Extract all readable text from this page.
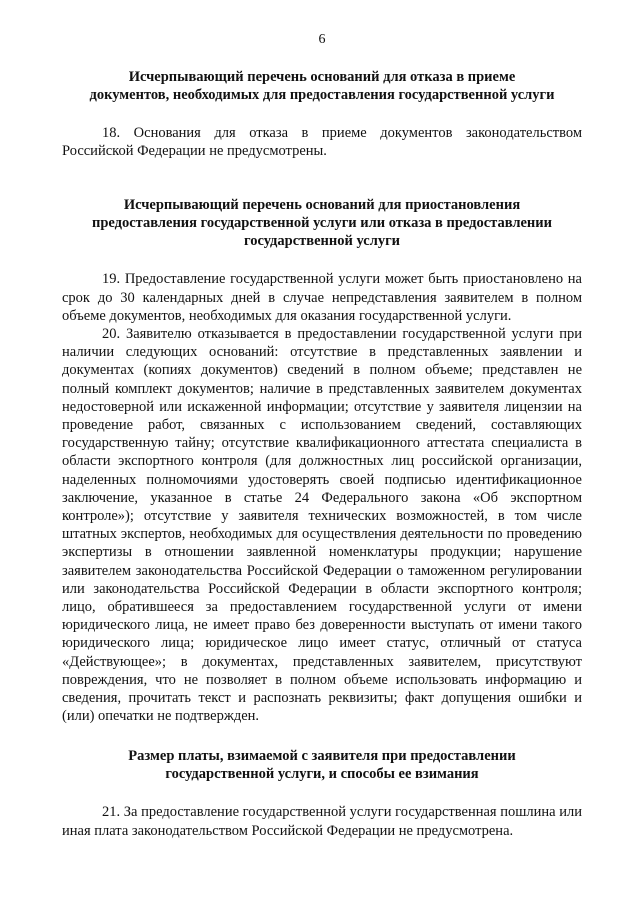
6
Исчерпывающий перечень оснований для отказа в приеме
документов, необходимых для предоставления государственной услуги

18. Основания для отказа в приеме документов законодательством Российской Федерации не предусмотрены.

Исчерпывающий перечень оснований для приостановления
предоставления государственной услуги или отказа в предоставлении
государственной услуги

19. Предоставление государственной услуги может быть приостановлено на срок до 30 календарных дней в случае непредставления заявителем в полном объеме документов, необходимых для оказания государственной услуги.

20. Заявителю отказывается в предоставлении государственной услуги при наличии следующих оснований: отсутствие в представленных заявлении и документах (копиях документов) сведений в полном объеме; представлен не полный комплект документов; наличие в представленных заявителем документах недостоверной или искаженной информации; отсутствие у заявителя лицензии на проведение работ, связанных с использованием сведений, составляющих государственную тайну; отсутствие квалификационного аттестата специалиста в области экспортного контроля (для должностных лиц российской организации, наделенных полномочиями удостоверять своей подписью идентификационное заключение, указанное в статье 24 Федерального закона «Об экспортном контроле»); отсутствие у заявителя технических возможностей, в том числе штатных экспертов, необходимых для осуществления деятельности по проведению экспертизы в отношении заявленной номенклатуры продукции; нарушение заявителем законодательства Российской Федерации о таможенном регулировании или законодательства Российской Федерации в области экспортного контроля; лицо, обратившееся за предоставлением государственной услуги от имени юридического лица, не имеет право без доверенности выступать от имени такого юридического лица; юридическое лицо имеет статус, отличный от статуса «Действующее»; в документах, представленных заявителем, присутствуют повреждения, что не позволяет в полном объеме использовать информацию и сведения, прочитать текст и распознать реквизиты; факт допущения ошибки и (или) опечатки не подтвержден.

Размер платы, взимаемой с заявителя при предоставлении
государственной услуги, и способы ее взимания

21. За предоставление государственной услуги государственная пошлина или иная плата законодательством Российской Федерации не предусмотрена.
